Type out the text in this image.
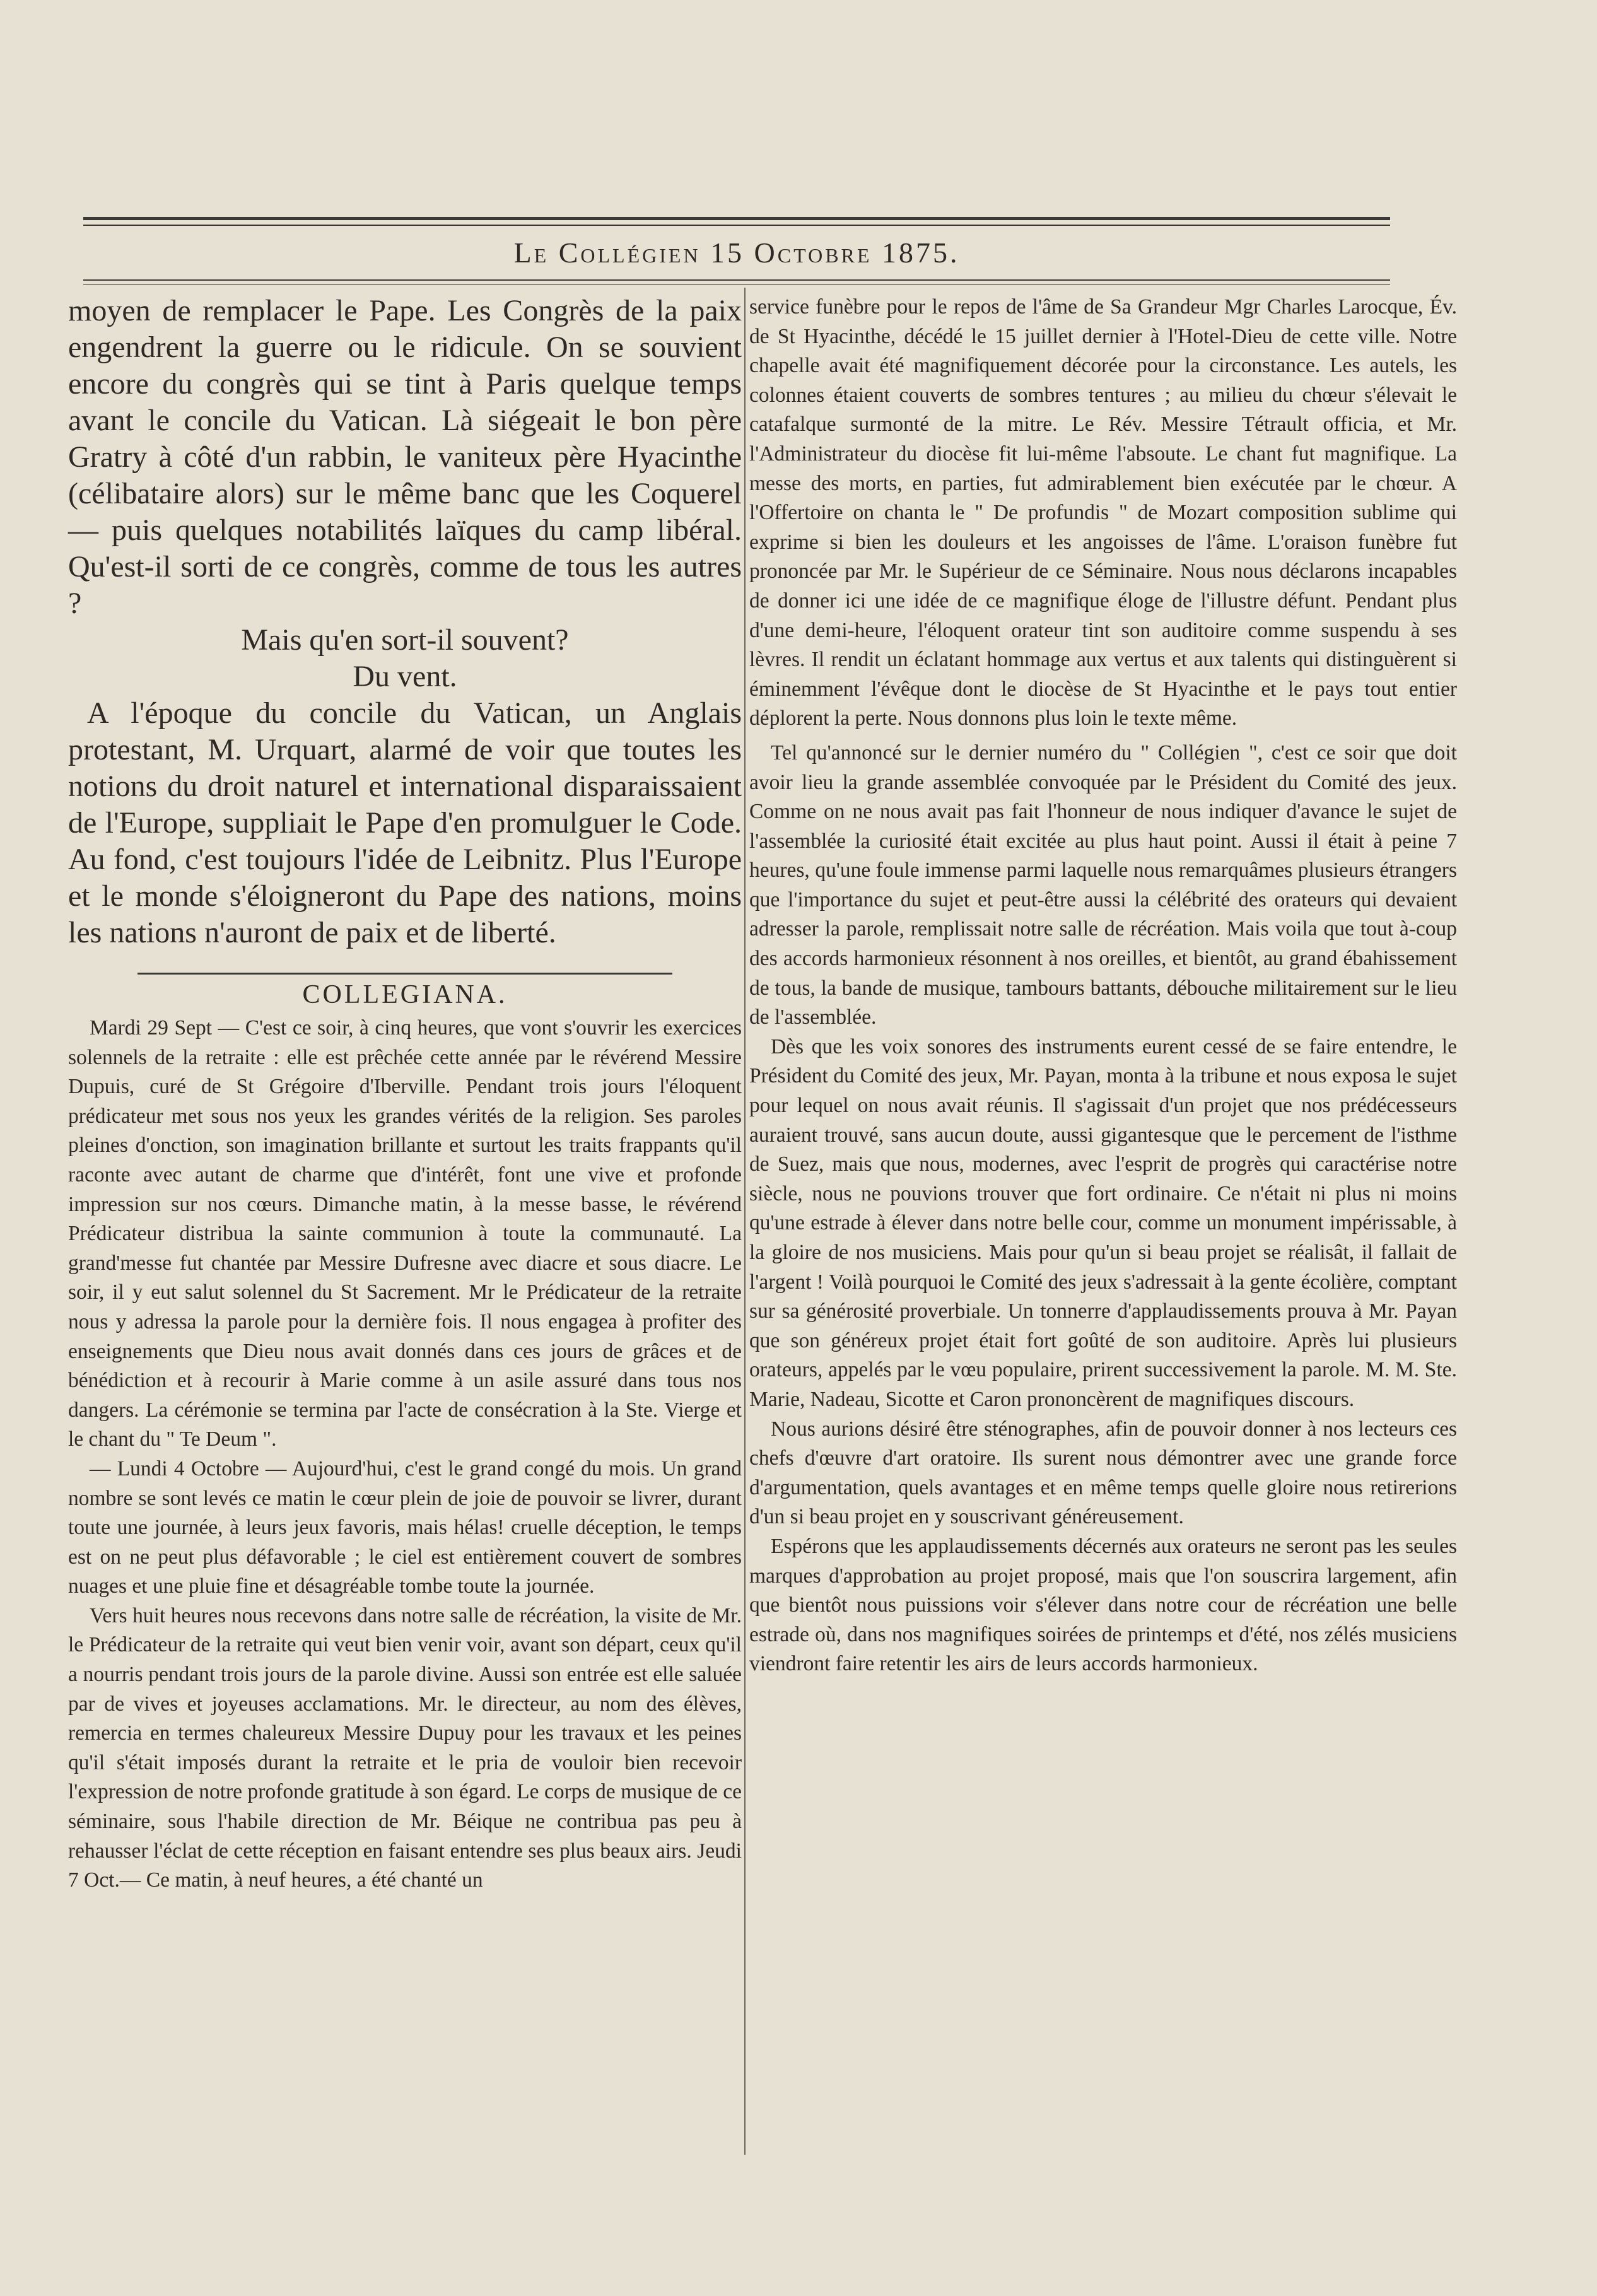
Le Collégien 15 Octobre 1875.

moyen de remplacer le Pape. Les Congrès de la paix engendrent la guerre ou le ridicule. On se souvient encore du congrès qui se tint à Paris quelque temps avant le concile du Vatican. Là siégeait le bon père Gratry à côté d'un rabbin, le vaniteux père Hyacinthe (célibataire alors) sur le même banc que les Coquerel — puis quelques notabilités laïques du camp libéral. Qu'est-il sorti de ce congrès, comme de tous les autres ?

Mais qu'en sort-il souvent?

Du vent.

A l'époque du concile du Vatican, un Anglais protestant, M. Urquart, alarmé de voir que toutes les notions du droit naturel et international disparaissaient de l'Europe, suppliait le Pape d'en promulguer le Code. Au fond, c'est toujours l'idée de Leibnitz. Plus l'Europe et le monde s'éloigneront du Pape des nations, moins les nations n'auront de paix et de liberté.

COLLEGIANA.

Mardi 29 Sept — C'est ce soir, à cinq heures, que vont s'ouvrir les exercices solennels de la retraite : elle est prêchée cette année par le révérend Messire Dupuis, curé de St Grégoire d'Iberville. Pendant trois jours l'éloquent prédicateur met sous nos yeux les grandes vérités de la religion. Ses paroles pleines d'onction, son imagination brillante et surtout les traits frappants qu'il raconte avec autant de charme que d'intérêt, font une vive et profonde impression sur nos cœurs. Dimanche matin, à la messe basse, le révérend Prédicateur distribua la sainte communion à toute la communauté. La grand'messe fut chantée par Messire Dufresne avec diacre et sous diacre. Le soir, il y eut salut solennel du St Sacrement. Mr le Prédicateur de la retraite nous y adressa la parole pour la dernière fois. Il nous engagea à profiter des enseignements que Dieu nous avait donnés dans ces jours de grâces et de bénédiction et à recourir à Marie comme à un asile assuré dans tous nos dangers. La cérémonie se termina par l'acte de consécration à la Ste. Vierge et le chant du " Te Deum ".

— Lundi 4 Octobre — Aujourd'hui, c'est le grand congé du mois. Un grand nombre se sont levés ce matin le cœur plein de joie de pouvoir se livrer, durant toute une journée, à leurs jeux favoris, mais hélas! cruelle déception, le temps est on ne peut plus défavorable ; le ciel est entièrement couvert de sombres nuages et une pluie fine et désagréable tombe toute la journée.

Vers huit heures nous recevons dans notre salle de récréation, la visite de Mr. le Prédicateur de la retraite qui veut bien venir voir, avant son départ, ceux qu'il a nourris pendant trois jours de la parole divine. Aussi son entrée est elle saluée par de vives et joyeuses acclamations. Mr. le directeur, au nom des élèves, remercia en termes chaleureux Messire Dupuy pour les travaux et les peines qu'il s'était imposés durant la retraite et le pria de vouloir bien recevoir l'expression de notre profonde gratitude à son égard. Le corps de musique de ce séminaire, sous l'habile direction de Mr. Béique ne contribua pas peu à rehausser l'éclat de cette réception en faisant entendre ses plus beaux airs. Jeudi 7 Oct.— Ce matin, à neuf heures, a été chanté un

service funèbre pour le repos de l'âme de Sa Grandeur Mgr Charles Larocque, Év. de St Hyacinthe, décédé le 15 juillet dernier à l'Hotel-Dieu de cette ville. Notre chapelle avait été magnifiquement décorée pour la circonstance. Les autels, les colonnes étaient couverts de sombres tentures ; au milieu du chœur s'élevait le catafalque surmonté de la mitre. Le Rév. Messire Tétrault officia, et Mr. l'Administrateur du diocèse fit lui-même l'absoute. Le chant fut magnifique. La messe des morts, en parties, fut admirablement bien exécutée par le chœur. A l'Offertoire on chanta le " De profundis " de Mozart composition sublime qui exprime si bien les douleurs et les angoisses de l'âme. L'oraison funèbre fut prononcée par Mr. le Supérieur de ce Séminaire. Nous nous déclarons incapables de donner ici une idée de ce magnifique éloge de l'illustre défunt. Pendant plus d'une demi-heure, l'éloquent orateur tint son auditoire comme suspendu à ses lèvres. Il rendit un éclatant hommage aux vertus et aux talents qui distinguèrent si éminemment l'évêque dont le diocèse de St Hyacinthe et le pays tout entier déplorent la perte. Nous donnons plus loin le texte même.

Tel qu'annoncé sur le dernier numéro du " Collégien ", c'est ce soir que doit avoir lieu la grande assemblée convoquée par le Président du Comité des jeux. Comme on ne nous avait pas fait l'honneur de nous indiquer d'avance le sujet de l'assemblée la curiosité était excitée au plus haut point. Aussi il était à peine 7 heures, qu'une foule immense parmi laquelle nous remarquâmes plusieurs étrangers que l'importance du sujet et peut-être aussi la célébrité des orateurs qui devaient adresser la parole, remplissait notre salle de récréation. Mais voila que tout à-coup des accords harmonieux résonnent à nos oreilles, et bientôt, au grand ébahissement de tous, la bande de musique, tambours battants, débouche militairement sur le lieu de l'assemblée.

Dès que les voix sonores des instruments eurent cessé de se faire entendre, le Président du Comité des jeux, Mr. Payan, monta à la tribune et nous exposa le sujet pour lequel on nous avait réunis. Il s'agissait d'un projet que nos prédécesseurs auraient trouvé, sans aucun doute, aussi gigantesque que le percement de l'isthme de Suez, mais que nous, modernes, avec l'esprit de progrès qui caractérise notre siècle, nous ne pouvions trouver que fort ordinaire. Ce n'était ni plus ni moins qu'une estrade à élever dans notre belle cour, comme un monument impérissable, à la gloire de nos musiciens. Mais pour qu'un si beau projet se réalisât, il fallait de l'argent ! Voilà pourquoi le Comité des jeux s'adressait à la gente écolière, comptant sur sa générosité proverbiale. Un tonnerre d'applaudissements prouva à Mr. Payan que son généreux projet était fort goûté de son auditoire. Après lui plusieurs orateurs, appelés par le vœu populaire, prirent successivement la parole. M. M. Ste. Marie, Nadeau, Sicotte et Caron prononcèrent de magnifiques discours.

Nous aurions désiré être sténographes, afin de pouvoir donner à nos lecteurs ces chefs d'œuvre d'art oratoire. Ils surent nous démontrer avec une grande force d'argumentation, quels avantages et en même temps quelle gloire nous retirerions d'un si beau projet en y souscrivant généreusement.

Espérons que les applaudissements décernés aux orateurs ne seront pas les seules marques d'approbation au projet proposé, mais que l'on souscrira largement, afin que bientôt nous puissions voir s'élever dans notre cour de récréation une belle estrade où, dans nos magnifiques soirées de printemps et d'été, nos zélés musiciens viendront faire retentir les airs de leurs accords harmonieux.
